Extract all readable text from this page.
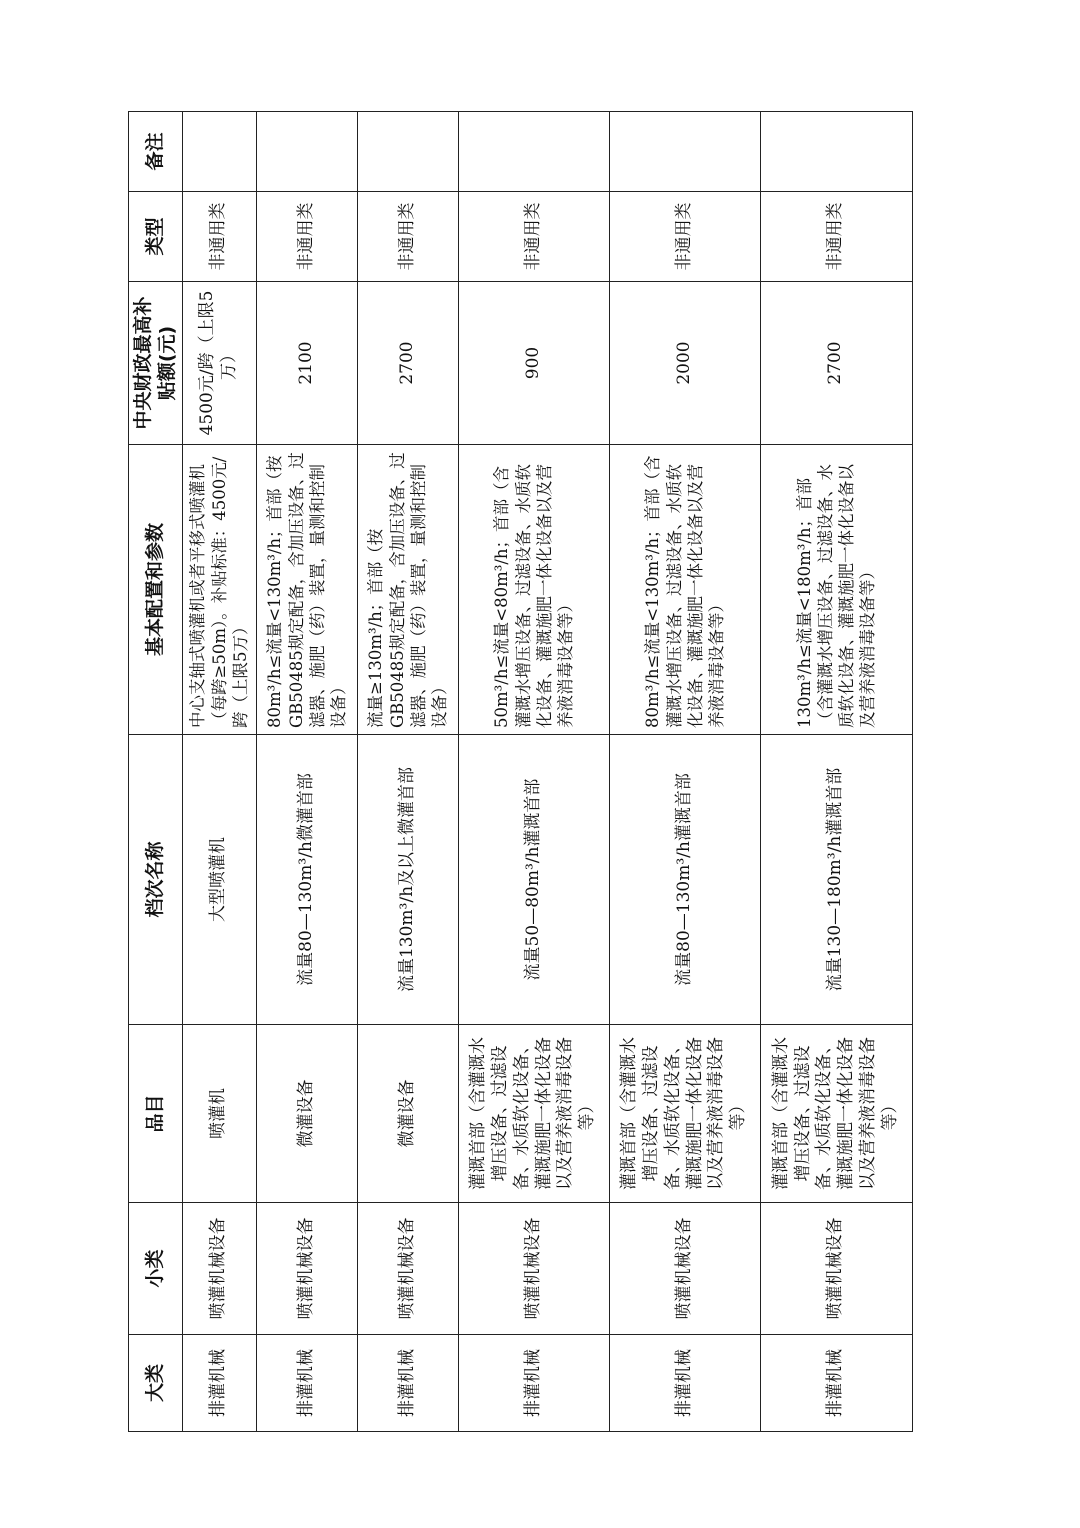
大类	小类	品目	档次名称	基本配置和参数	中央财政最高补贴额(元)	类型	备注
排灌机械	喷灌机械设备	喷灌机	大型喷灌机	中心支轴式喷灌机或者平移式喷灌机（每跨≥50m）。补贴标准：4500元/跨（上限5万）	4500元/跨（上限5万）	非通用类	
排灌机械	喷灌机械设备	微灌设备	流量80—130m³/h微灌首部	80m³/h≤流量<130m³/h；首部（按GB50485规定配备，含加压设备、过滤器、施肥（药）装置，量测和控制设备）	2100	非通用类	
排灌机械	喷灌机械设备	微灌设备	流量130m³/h及以上微灌首部	流量≥130m³/h；首部（按GB50485规定配备，含加压设备、过滤器、施肥（药）装置，量测和控制设备）	2700	非通用类	
排灌机械	喷灌机械设备	灌溉首部（含灌溉水增压设备、过滤设备、水质软化设备、灌溉施肥一体化设备以及营养液消毒设备等）	流量50—80m³/h灌溉首部	50m³/h≤流量<80m³/h；首部（含灌溉水增压设备、过滤设备、水质软化设备、灌溉施肥一体化设备以及营养液消毒设备等）	900	非通用类	
排灌机械	喷灌机械设备	灌溉首部（含灌溉水增压设备、过滤设备、水质软化设备、灌溉施肥一体化设备以及营养液消毒设备等）	流量80—130m³/h灌溉首部	80m³/h≤流量<130m³/h；首部（含灌溉水增压设备、过滤设备、水质软化设备、灌溉施肥一体化设备以及营养液消毒设备等）	2000	非通用类	
排灌机械	喷灌机械设备	灌溉首部（含灌溉水增压设备、过滤设备、水质软化设备、灌溉施肥一体化设备以及营养液消毒设备等）	流量130—180m³/h灌溉首部	130m³/h≤流量<180m³/h；首部（含灌溉水增压设备、过滤设备、水质软化设备、灌溉施肥一体化设备以及营养液消毒设备等）	2700	非通用类	
